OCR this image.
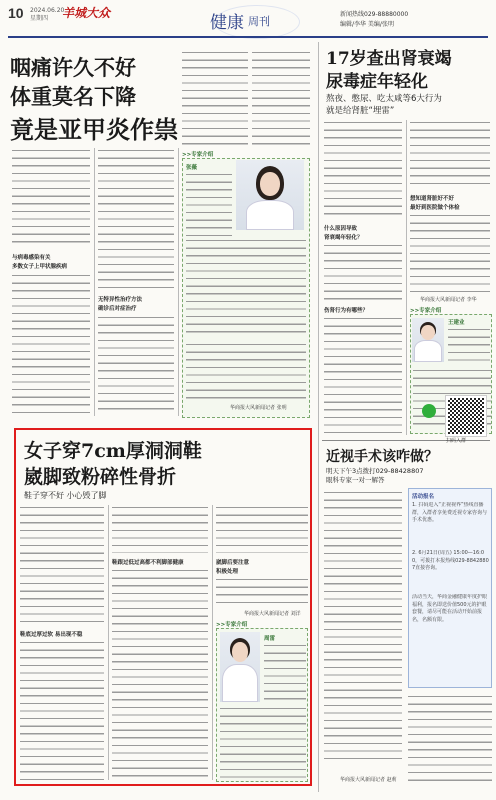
10 2024.06.20
星期四	羊城大众	健康 周刊
新闻热线029-88880000
编辑/李华 美编/张明
咽痛许久不好
体重莫名下降
竟是亚甲炎作祟
与病毒感染有关
多数女子上甲状腺疾病
无特异性治疗方法
确诊后对症治疗
>>专家介绍
张薇
华商报大风新闻记者 张明
女子穿7cm厚洞洞鞋
崴脚致粉碎性骨折
鞋子穿不好 小心毁了脚
鞋底过厚过软 易出现不稳
鞋跟过低过高都不利脚部健康	崴脚后要注意
积极处理
华商报大风新闻记者 刘洋
>>专家介绍
周雷
17岁查出肾衰竭
尿毒症年轻化
熬夜、憋尿、吃太咸等6大行为
就是给肾脏“埋雷”
什么原因导致
肾衰竭年轻化？
伤肾行为有哪些？
想知道肾脏好不好
最好到医院做个体检
华商报大风新闻记者 李华
>>专家介绍
王建业
近视手术该咋做？
明天下午3点拨打029-88428807
眼科专家一对一解答
华商报大风新闻记者 赵莉
活动报名
1. 扫码进入“正视视界”热线直播群，入群者享免费近视专家咨询与手术优惠。
2. 6月21日(周五) 15:00—16:00，可拨打本报热线029-88428807直接咨询。
活动当天，华商金融健康年度护眼福利，报名即送价值500元的护眼套餐，请尽可能在活动开始前报名，名额有限。
扫码入群
